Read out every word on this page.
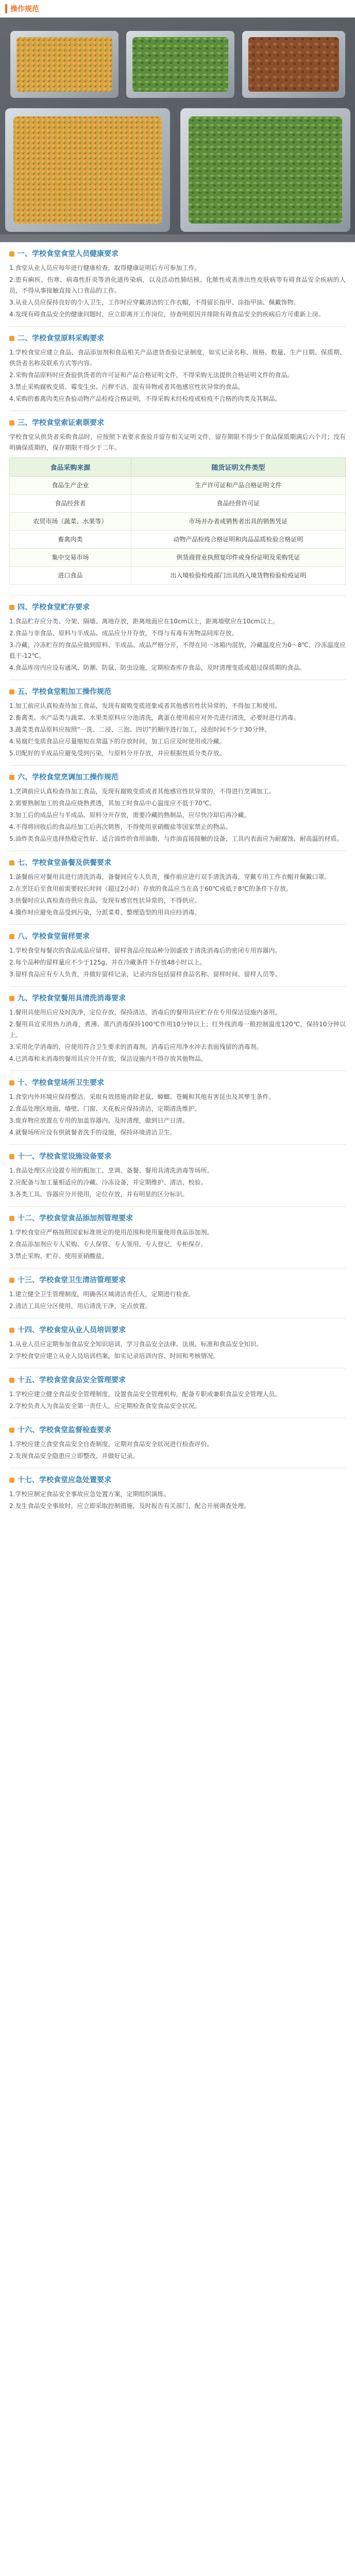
操作规范
一、学校食堂食堂人员健康要求
1.食堂从业人员应每年进行健康检查，取得健康证明后方可参加工作。
2.患有痢疾、伤寒、病毒性肝炎等消化道传染病，以及活动性肺结核、化脓性或者渗出性皮肤病等有碍食品安全疾病的人员，不得从事接触直接入口食品的工作。
3.从业人员应保持良好的个人卫生，工作时应穿戴清洁的工作衣帽，不得留长指甲、涂指甲油、佩戴饰物。
4.发现有碍食品安全的健康问题时，应立即离开工作岗位，待查明原因并排除有碍食品安全的疾病后方可重新上岗。
二、学校食堂原料采购要求
1.学校食堂应建立食品、食品添加剂和食品相关产品进货查验记录制度，如实记录名称、规格、数量、生产日期、保质期、供货者名称及联系方式等内容。
2.采购食品原料时应查验供货者的许可证和产品合格证明文件，不得采购无法提供合格证明文件的食品。
3.禁止采购腐败变质、霉变生虫、污秽不洁、混有异物或者其他感官性状异常的食品。
4.采购的畜禽肉类应查验动物产品检疫合格证明，不得采购未经检疫或检疫不合格的肉类及其制品。
三、学校食堂索证索票要求
学校食堂从供货者采购食品时，应按照下表要求查验并留存相关证明文件，留存期限不得少于食品保质期满后六个月；没有明确保质期的，保存期限不得少于二年。
食品采购来源	随货证明文件类型
食品生产企业	生产许可证和产品合格证明文件
食品经营者	食品经营许可证
农贸市场（蔬菜、水果等）	市场开办者或销售者出具的销售凭证
畜禽肉类	动物产品检疫合格证明和肉品品质检验合格证明
集中交易市场	供货商营业执照复印件或身份证明及采购凭证
进口食品	出入境检验检疫部门出具的入境货物检验检疫证明
四、学校食堂贮存要求
1.食品贮存应分类、分架、隔墙、离地存放，距离地面应在10cm以上，距离墙壁应在10cm以上。
2.食品与非食品、原料与半成品、成品应分开存放，不得与有毒有害物品同库存放。
3.冷藏、冷冻贮存的食品应做到原料、半成品、成品严格分开，不得在同一冰箱内混放，冷藏温度应为0～8℃，冷冻温度应低于-12℃。
4.食品库房内应设有通风、防潮、防鼠、防虫设施，定期检查库存食品，及时清理变质或超过保质期的食品。
五、学校食堂粗加工操作规范
1.加工前应认真检查待加工食品，发现有腐败变质迹象或者其他感官性状异常的，不得加工和使用。
2.畜禽类、水产品类与蔬菜、水果类原料应分池清洗，禽蛋在使用前应对外壳进行清洗，必要时进行消毒。
3.蔬菜类食品原料应按照“一洗、二浸、三泡、四切”的顺序进行加工，浸泡时间不少于30分钟。
4.易腐烂变质食品应尽量缩短在常温下的存放时间，加工后应及时使用或冷藏。
5.切配好的半成品应避免受到污染，与原料分开存放，并应根据性质分类存放。
六、学校食堂烹调加工操作规范
1.烹调前应认真检查待加工食品，发现有腐败变质或者其他感官性状异常的，不得进行烹调加工。
2.需要熟制加工的食品应烧熟煮透，其加工时食品中心温度应不低于70℃。
3.加工后的成品应与半成品、原料分开存放，需要冷藏的熟制品，应尽快冷却后再冷藏。
4.不得将回收后的食品经加工后再次销售，不得使用亚硝酸盐等国家禁止的物品。
5.油炸类食品应选择热稳定性好、适合油炸的食用油脂，与炸油直接接触的设备、工具内表面应为耐腐蚀、耐高温的材质。
七、学校食堂备餐及供餐要求
1.备餐前应对餐用具进行清洗消毒，备餐间应专人负责，操作前应进行双手清洗消毒，穿戴专用工作衣帽并佩戴口罩。
2.在烹饪后至食用前需要较长时间（超过2小时）存放的食品应当在高于60℃或低于8℃的条件下存放。
3.供餐时应认真检查待供应食品，发现有感官性状异常的，不得供应。
4.操作时应避免食品受到污染，分派菜肴、整理造型的用具应经消毒。
八、学校食堂留样要求
1.学校食堂每餐次的食品成品应留样，留样食品应按品种分别盛放于清洗消毒后的密闭专用容器内。
2.每个品种的留样量应不少于125g，并在冷藏条件下存放48小时以上。
3.留样食品应有专人负责，并做好留样记录，记录内容包括留样食品名称、留样时间、留样人员等。
九、学校食堂餐用具清洗消毒要求
1.餐用具使用后应及时洗净，定位存放，保持清洁，消毒后的餐用具应贮存在专用保洁设施内备用。
2.餐用具宜采用热力消毒，煮沸、蒸汽消毒保持100℃作用10分钟以上；红外线消毒一般控制温度120℃，保持10分钟以上。
3.采用化学消毒的，应使用符合卫生要求的消毒剂，消毒后应用净水冲去表面残留的消毒剂。
4.已消毒和未消毒的餐用具应分开存放，保洁设施内不得存放其他物品。
十、学校食堂场所卫生要求
1.食堂内外环境应保持整洁，采取有效措施消除老鼠、蟑螂、苍蝇和其他有害昆虫及其孳生条件。
2.食品处理区地面、墙壁、门窗、天花板应保持清洁，定期清洗维护。
3.废弃物应放置在专用的加盖容器内，及时清理，做到日产日清。
4.就餐场所应设有供就餐者洗手的设施，保持环境清洁卫生。
十一、学校食堂设施设备要求
1.食品处理区应设置专用的粗加工、烹调、备餐、餐用具清洗消毒等场所。
2.应配备与加工量相适应的冷藏、冷冻设备，并定期维护、清洁、校验。
3.各类工具、容器应分开使用，定位存放，并有明显的区分标识。
十二、学校食堂食品添加剂管理要求
1.学校食堂应严格按照国家标准规定的使用范围和使用量使用食品添加剂。
2.食品添加剂应专人采购、专人保管、专人领用、专人登记、专柜保存。
3.禁止采购、贮存、使用亚硝酸盐。
十三、学校食堂卫生清洁管理要求
1.建立健全卫生管理制度，明确各区域清洁责任人，定期进行检查。
2.清洁工具应分区使用，用后清洗干净，定点放置。
十四、学校食堂从业人员培训要求
1.从业人员应定期参加食品安全知识培训，学习食品安全法律、法规、标准和食品安全知识。
2.学校食堂应建立从业人员培训档案，如实记录培训内容、时间和考核情况。
十五、学校食堂食品安全管理要求
1.学校应建立健全食品安全管理制度，设置食品安全管理机构，配备专职或兼职食品安全管理人员。
2.学校负责人为食品安全第一责任人，应定期检查食堂食品安全状况。
十六、学校食堂监督检查要求
1.学校应建立食堂食品安全自查制度，定期对食品安全状况进行检查评价。
2.发现食品安全隐患应立即整改，并做好记录。
十七、学校食堂应急处置要求
1.学校应制定食品安全事故应急处置方案，定期组织演练。
2.发生食品安全事故时，应立即采取控制措施，及时报告有关部门，配合开展调查处理。
